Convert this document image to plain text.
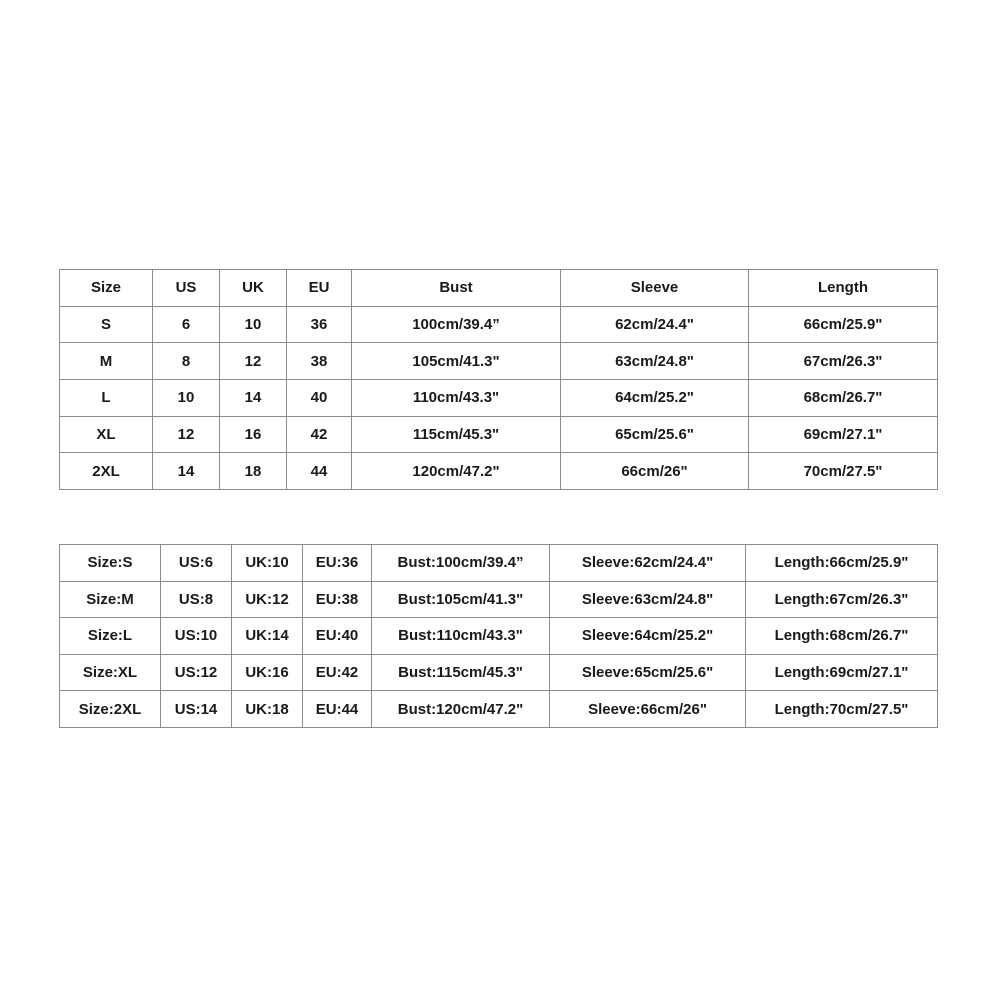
Size	US	UK	EU	Bust	Sleeve	Length
S	6	10	36	100cm/39.4”	62cm/24.4"	66cm/25.9"
M	8	12	38	105cm/41.3"	63cm/24.8"	67cm/26.3"
L	10	14	40	110cm/43.3"	64cm/25.2"	68cm/26.7"
XL	12	16	42	115cm/45.3"	65cm/25.6"	69cm/27.1"
2XL	14	18	44	120cm/47.2"	66cm/26"	70cm/27.5"
Size:S	US:6	UK:10	EU:36	Bust:100cm/39.4”	Sleeve:62cm/24.4"	Length:66cm/25.9"
Size:M	US:8	UK:12	EU:38	Bust:105cm/41.3"	Sleeve:63cm/24.8"	Length:67cm/26.3"
Size:L	US:10	UK:14	EU:40	Bust:110cm/43.3"	Sleeve:64cm/25.2"	Length:68cm/26.7"
Size:XL	US:12	UK:16	EU:42	Bust:115cm/45.3"	Sleeve:65cm/25.6"	Length:69cm/27.1"
Size:2XL	US:14	UK:18	EU:44	Bust:120cm/47.2"	Sleeve:66cm/26"	Length:70cm/27.5"
